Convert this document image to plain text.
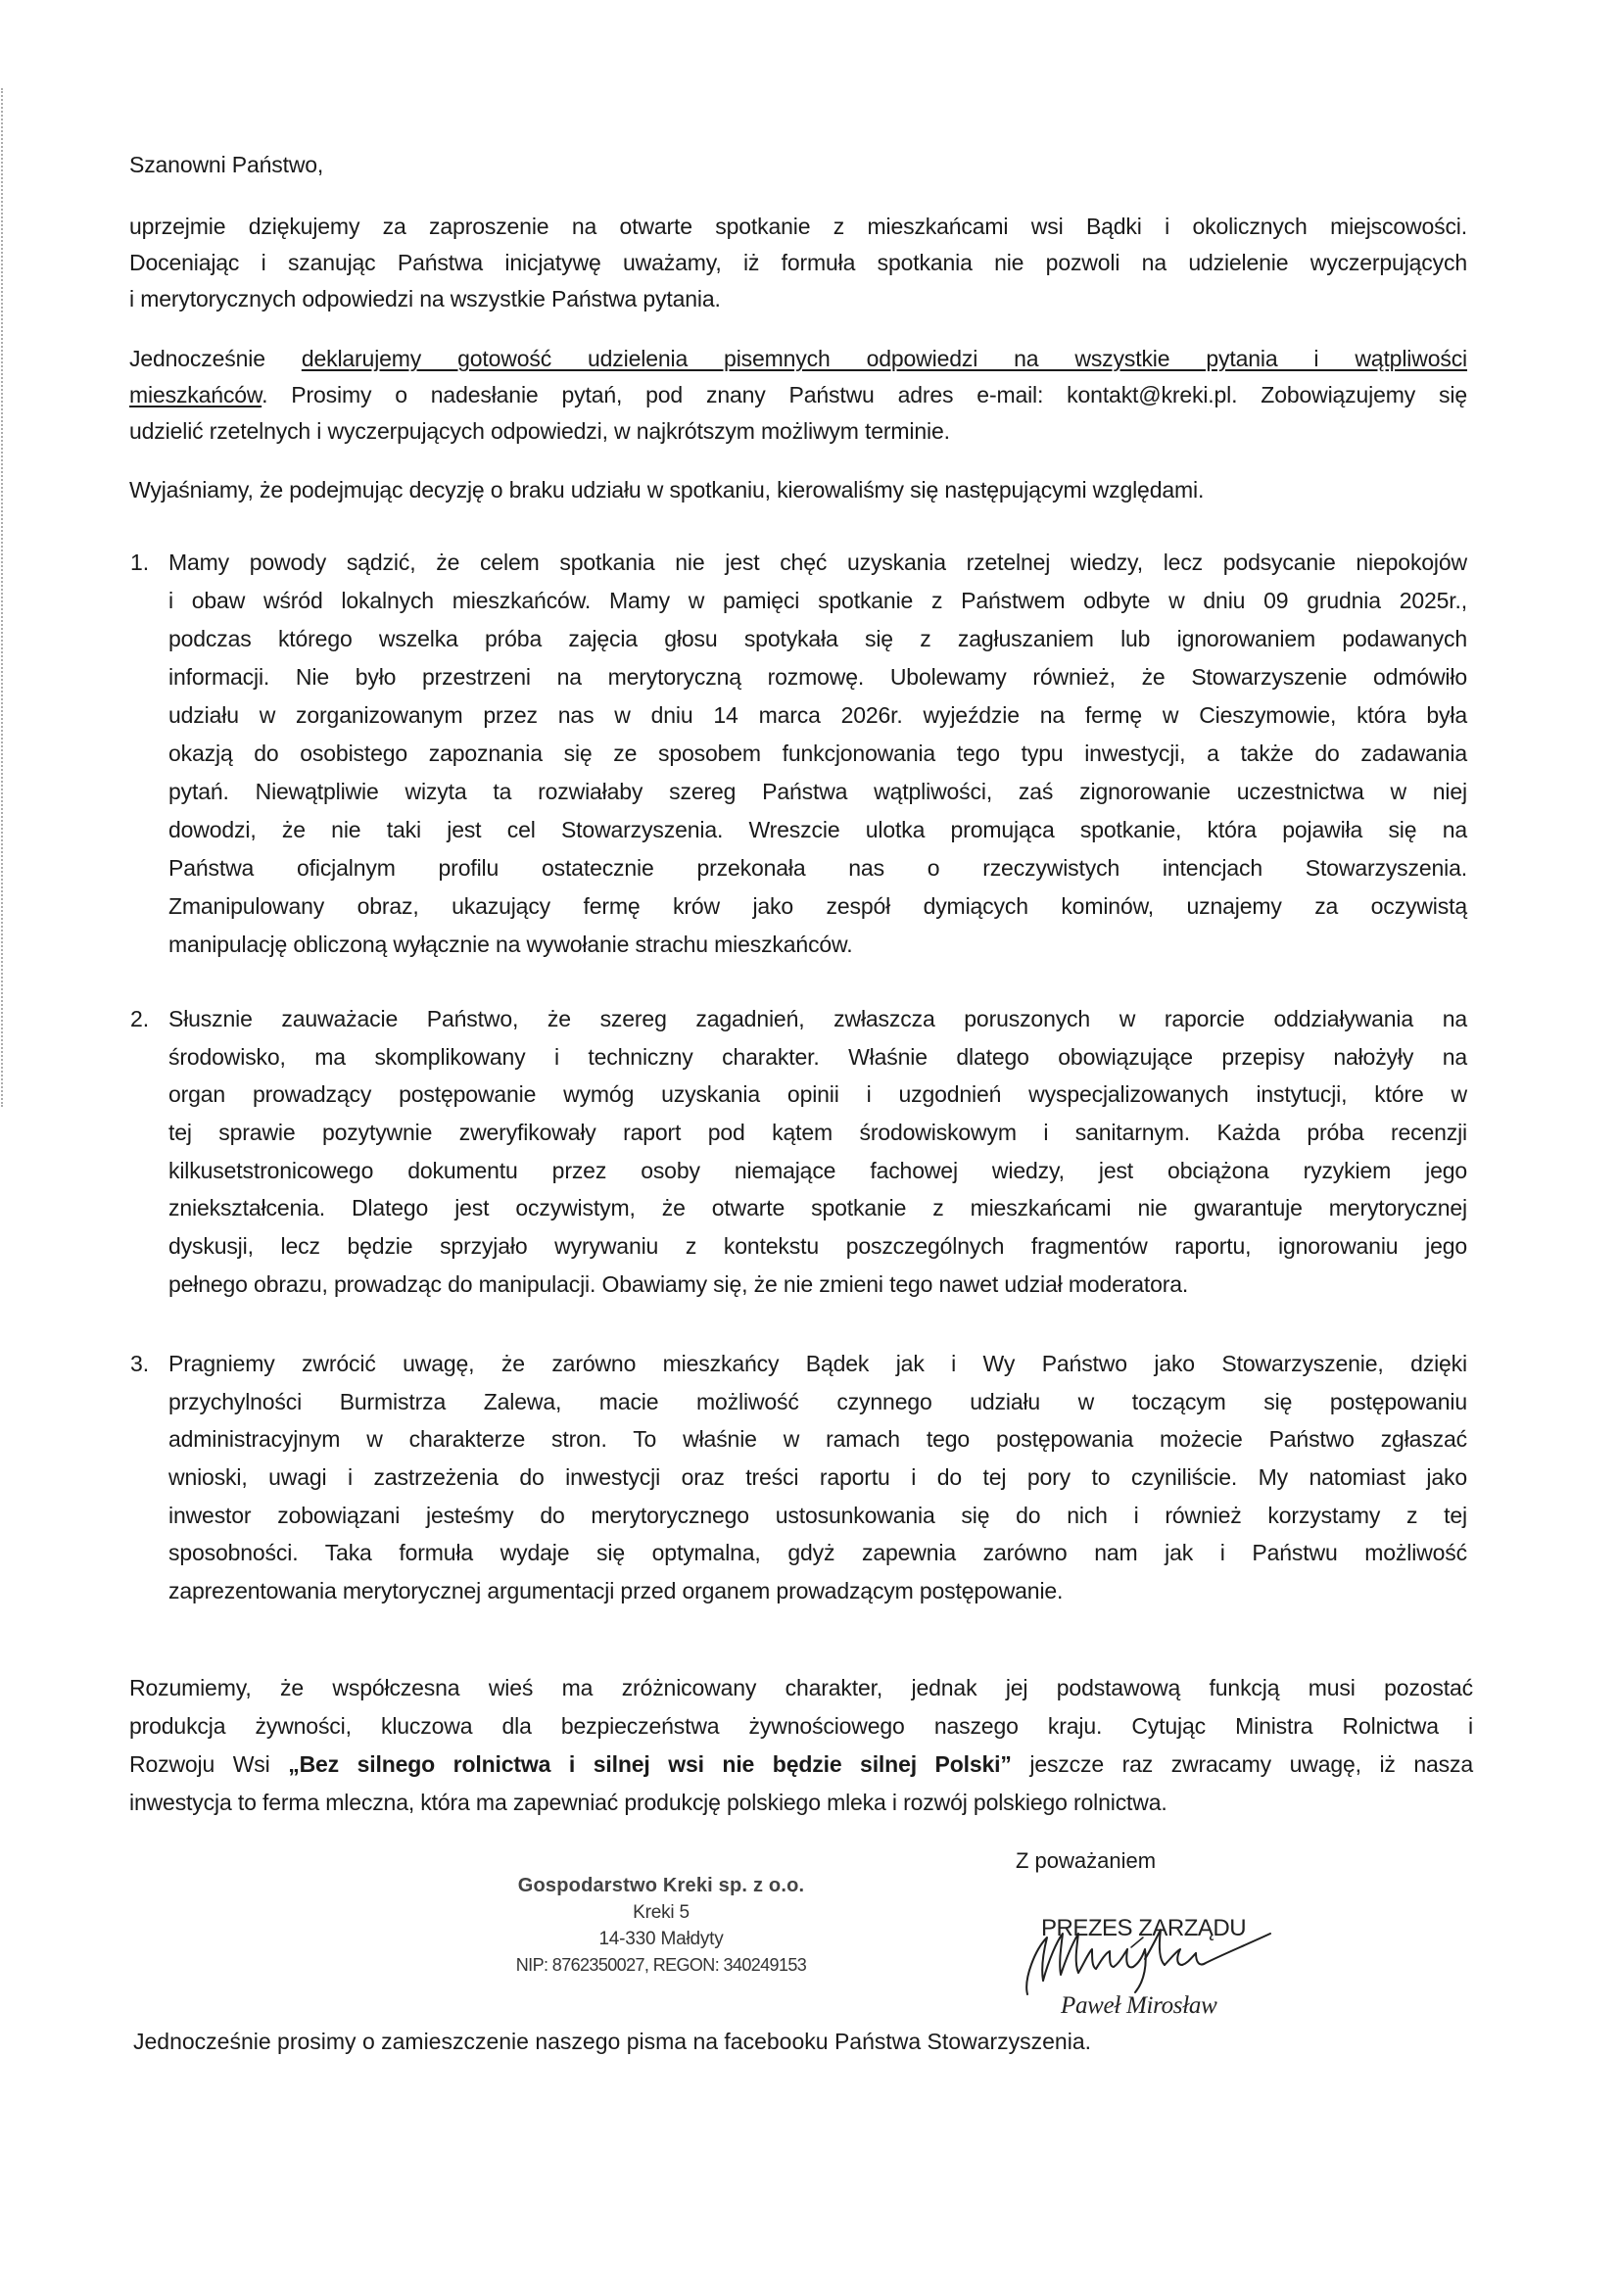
Szanowni Państwo,
uprzejmie dziękujemy za zaproszenie na otwarte spotkanie z mieszkańcami wsi Bądki i okolicznych miejscowości.
Doceniając i szanując Państwa inicjatywę uważamy, iż formuła spotkania nie pozwoli na udzielenie wyczerpujących
i merytorycznych odpowiedzi na wszystkie Państwa pytania.
Jednocześnie deklarujemy gotowość udzielenia pisemnych odpowiedzi na wszystkie pytania i wątpliwości
mieszkańców. Prosimy o nadesłanie pytań, pod znany Państwu adres e-mail: kontakt@kreki.pl. Zobowiązujemy się
udzielić rzetelnych i wyczerpujących odpowiedzi, w najkrótszym możliwym terminie.
Wyjaśniamy, że podejmując decyzję o braku udziału w spotkaniu, kierowaliśmy się następującymi względami.
1. Mamy powody sądzić, że celem spotkania nie jest chęć uzyskania rzetelnej wiedzy, lecz podsycanie niepokojów
i obaw wśród lokalnych mieszkańców. Mamy w pamięci spotkanie z Państwem odbyte w dniu 09 grudnia 2025r.,
podczas którego wszelka próba zajęcia głosu spotykała się z zagłuszaniem lub ignorowaniem podawanych
informacji. Nie było przestrzeni na merytoryczną rozmowę. Ubolewamy również, że Stowarzyszenie odmówiło
udziału w zorganizowanym przez nas w dniu 14 marca 2026r. wyjeździe na fermę w Cieszymowie, która była
okazją do osobistego zapoznania się ze sposobem funkcjonowania tego typu inwestycji, a także do zadawania
pytań. Niewątpliwie wizyta ta rozwiałaby szereg Państwa wątpliwości, zaś zignorowanie uczestnictwa w niej
dowodzi, że nie taki jest cel Stowarzyszenia. Wreszcie ulotka promująca spotkanie, która pojawiła się na
Państwa oficjalnym profilu ostatecznie przekonała nas o rzeczywistych intencjach Stowarzyszenia.
Zmanipulowany obraz, ukazujący fermę krów jako zespół dymiących kominów, uznajemy za oczywistą
manipulację obliczoną wyłącznie na wywołanie strachu mieszkańców.
2. Słusznie zauważacie Państwo, że szereg zagadnień, zwłaszcza poruszonych w raporcie oddziaływania na
środowisko, ma skomplikowany i techniczny charakter. Właśnie dlatego obowiązujące przepisy nałożyły na
organ prowadzący postępowanie wymóg uzyskania opinii i uzgodnień wyspecjalizowanych instytucji, które w
tej sprawie pozytywnie zweryfikowały raport pod kątem środowiskowym i sanitarnym. Każda próba recenzji
kilkusetstronicowego dokumentu przez osoby niemające fachowej wiedzy, jest obciążona ryzykiem jego
zniekształcenia. Dlatego jest oczywistym, że otwarte spotkanie z mieszkańcami nie gwarantuje merytorycznej
dyskusji, lecz będzie sprzyjało wyrywaniu z kontekstu poszczególnych fragmentów raportu, ignorowaniu jego
pełnego obrazu, prowadząc do manipulacji. Obawiamy się, że nie zmieni tego nawet udział moderatora.
3. Pragniemy zwrócić uwagę, że zarówno mieszkańcy Bądek jak i Wy Państwo jako Stowarzyszenie, dzięki
przychylności Burmistrza Zalewa, macie możliwość czynnego udziału w toczącym się postępowaniu
administracyjnym w charakterze stron. To właśnie w ramach tego postępowania możecie Państwo zgłaszać
wnioski, uwagi i zastrzeżenia do inwestycji oraz treści raportu i do tej pory to czyniliście. My natomiast jako
inwestor zobowiązani jesteśmy do merytorycznego ustosunkowania się do nich i również korzystamy z tej
sposobności. Taka formuła wydaje się optymalna, gdyż zapewnia zarówno nam jak i Państwu możliwość
zaprezentowania merytorycznej argumentacji przed organem prowadzącym postępowanie.
Rozumiemy, że współczesna wieś ma zróżnicowany charakter, jednak jej podstawową funkcją musi pozostać
produkcja żywności, kluczowa dla bezpieczeństwa żywnościowego naszego kraju. Cytując Ministra Rolnictwa i
Rozwoju Wsi „Bez silnego rolnictwa i silnej wsi nie będzie silnej Polski” jeszcze raz zwracamy uwagę, iż nasza
inwestycja to ferma mleczna, która ma zapewniać produkcję polskiego mleka i rozwój polskiego rolnictwa.
Z poważaniem
Gospodarstwo Kreki sp. z o.o.
Kreki 5
14-330 Małdyty
NIP: 8762350027, REGON: 340249153
PREZES ZARZĄDU
Paweł Mirosław
Jednocześnie prosimy o zamieszczenie naszego pisma na facebooku Państwa Stowarzyszenia.
